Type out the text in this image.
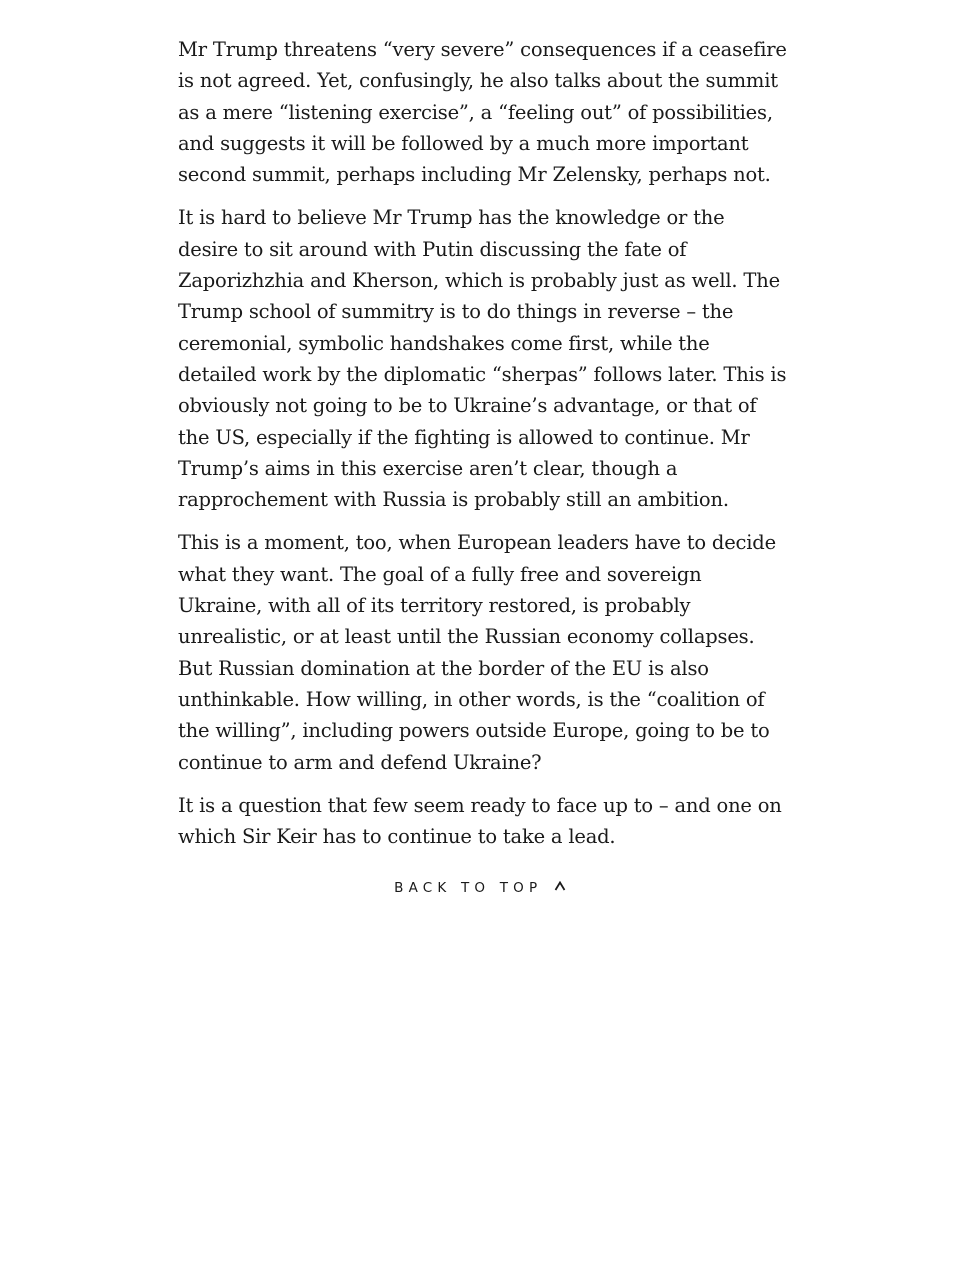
Mr Trump threatens “very severe” consequences if a ceasefire is not agreed. Yet, confusingly, he also talks about the summit as a mere “listening exercise”, a “feeling out” of possibilities, and suggests it will be followed by a much more important second summit, perhaps including Mr Zelensky, perhaps not.

It is hard to believe Mr Trump has the knowledge or the desire to sit around with Putin discussing the fate of Zaporizhzhia and Kherson, which is probably just as well. The Trump school of summitry is to do things in reverse – the ceremonial, symbolic handshakes come first, while the detailed work by the diplomatic “sherpas” follows later. This is obviously not going to be to Ukraine’s advantage, or that of the US, especially if the fighting is allowed to continue. Mr Trump’s aims in this exercise aren’t clear, though a rapprochement with Russia is probably still an ambition.

This is a moment, too, when European leaders have to decide what they want. The goal of a fully free and sovereign Ukraine, with all of its territory restored, is probably unrealistic, or at least until the Russian economy collapses. But Russian domination at the border of the EU is also unthinkable. How willing, in other words, is the “coalition of the willing”, including powers outside Europe, going to be to continue to arm and defend Ukraine?

It is a question that few seem ready to face up to – and one on which Sir Keir has to continue to take a lead.

BACK TO TOP
